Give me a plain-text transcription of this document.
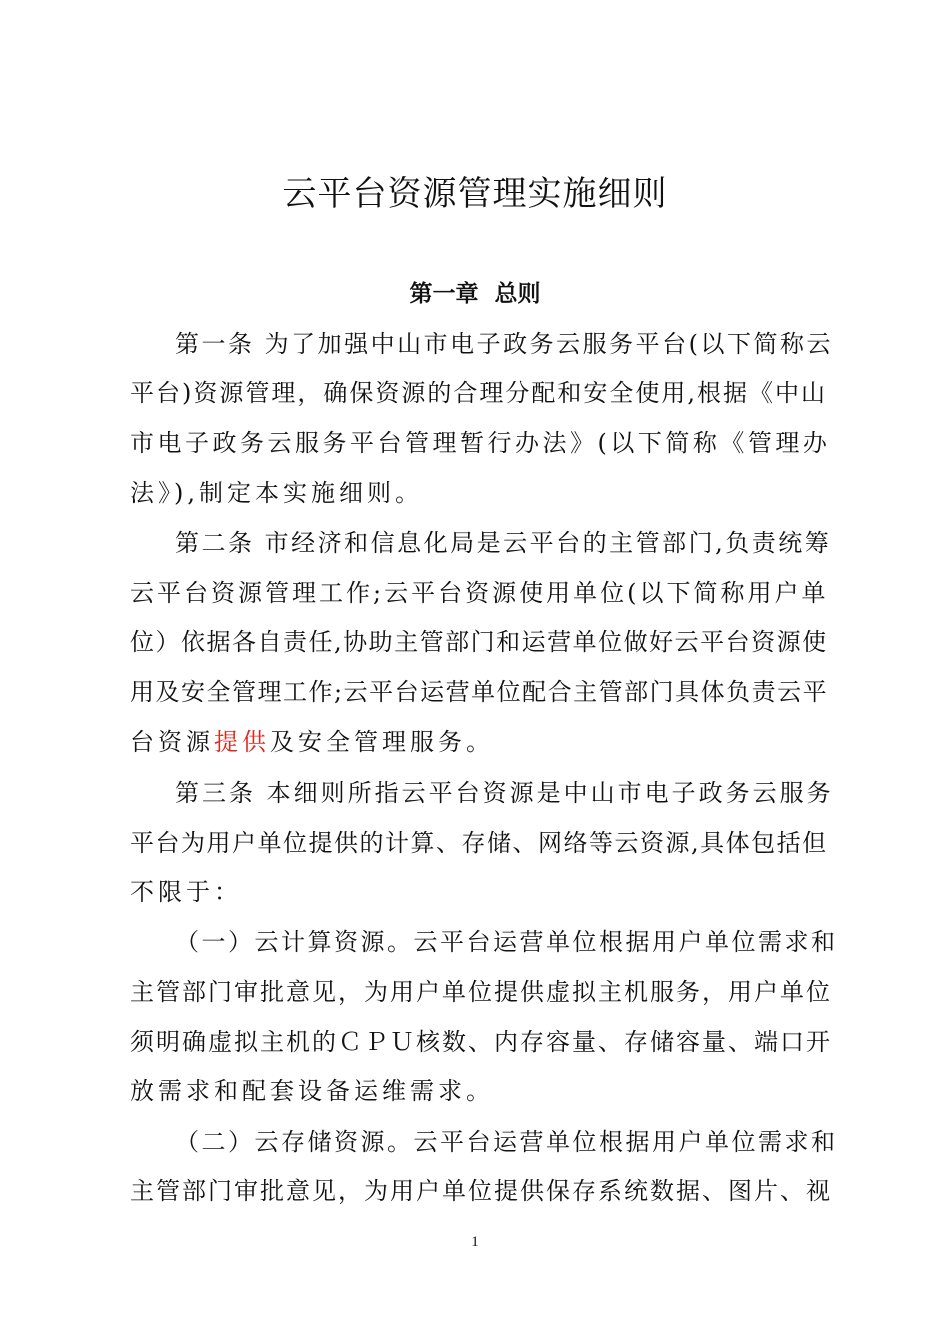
云平台资源管理实施细则
第一章  总则
第一条 为了加强中山市电子政务云服务平台(以下简称云
平台)资源管理，确保资源的合理分配和安全使用,根据《中山
市电子政务云服务平台管理暂行办法》(以下简称《管理办
法》),制定本实施细则。
第二条 市经济和信息化局是云平台的主管部门,负责统筹
云平台资源管理工作;云平台资源使用单位(以下简称用户单
位）依据各自责任,协助主管部门和运营单位做好云平台资源使
用及安全管理工作;云平台运营单位配合主管部门具体负责云平
台资源提供及安全管理服务。
第三条 本细则所指云平台资源是中山市电子政务云服务
平台为用户单位提供的计算、存储、网络等云资源,具体包括但
不限于：
（一）云计算资源。云平台运营单位根据用户单位需求和
主管部门审批意见，为用户单位提供虚拟主机服务，用户单位
须明确虚拟主机的ＣＰＵ核数、内存容量、存储容量、端口开
放需求和配套设备运维需求。
（二）云存储资源。云平台运营单位根据用户单位需求和
主管部门审批意见，为用户单位提供保存系统数据、图片、视
1
